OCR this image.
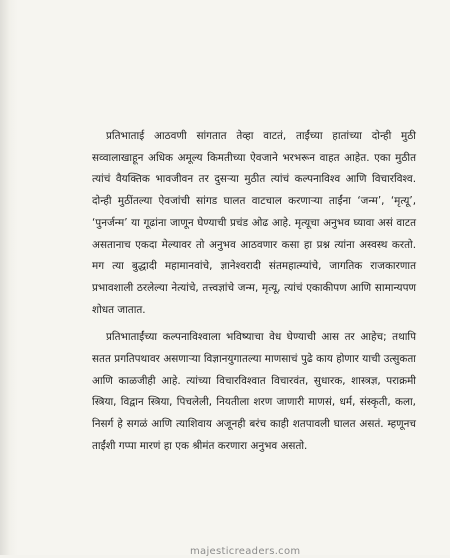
प्रतिभाताई आठवणी सांगतात तेव्हा वाटतं, ताईंच्या हातांच्या दोन्ही मुठी सव्वालाखाहून अधिक अमूल्य किमतीच्या ऐवजाने भरभरून वाहत आहेत. एका मुठीत त्यांचं वैयक्तिक भावजीवन तर दुसऱ्या मुठीत त्यांचं कल्पनाविश्व आणि विचारविश्व. दोन्ही मुठींतल्या ऐवजांची सांगड घालत वाटचाल करणाऱ्या ताईंना ‘जन्म’, ‘मृत्यू’, ‘पुनर्जन्म’ या गूढांना जाणून घेण्याची प्रचंड ओढ आहे. मृत्यूचा अनुभव घ्यावा असं वाटत असतानाच एकदा मेल्यावर तो अनुभव आठवणार कसा हा प्रश्न त्यांना अस्वस्थ करतो. मग त्या बुद्धादी महामानवांचे, ज्ञानेश्वरादी संतमहात्म्यांचे, जागतिक राजकारणात प्रभावशाली ठरलेल्या नेत्यांचे, तत्त्वज्ञांचे जन्म, मृत्यू, त्यांचं एकाकीपण आणि सामान्यपण शोधत जातात.

प्रतिभाताईंच्या कल्पनाविश्वाला भविष्याचा वेध घेण्याची आस तर आहेच; तथापि सतत प्रगतिपथावर असणाऱ्या विज्ञानयुगातल्या माणसाचं पुढे काय होणार याची उत्सुकता आणि काळजीही आहे. त्यांच्या विचारविश्वात विचारवंत, सुधारक, शास्त्रज्ञ, पराक्रमी स्त्रिया, विद्वान स्त्रिया, पिचलेली, नियतीला शरण जाणारी माणसं, धर्म, संस्कृती, कला, निसर्ग हे सगळं आणि त्याशिवाय अजूनही बरंच काही शतपावली घालत असतं. म्हणूनच ताईंशी गप्पा मारणं हा एक श्रीमंत करणारा अनुभव असतो.

majesticreaders.com
